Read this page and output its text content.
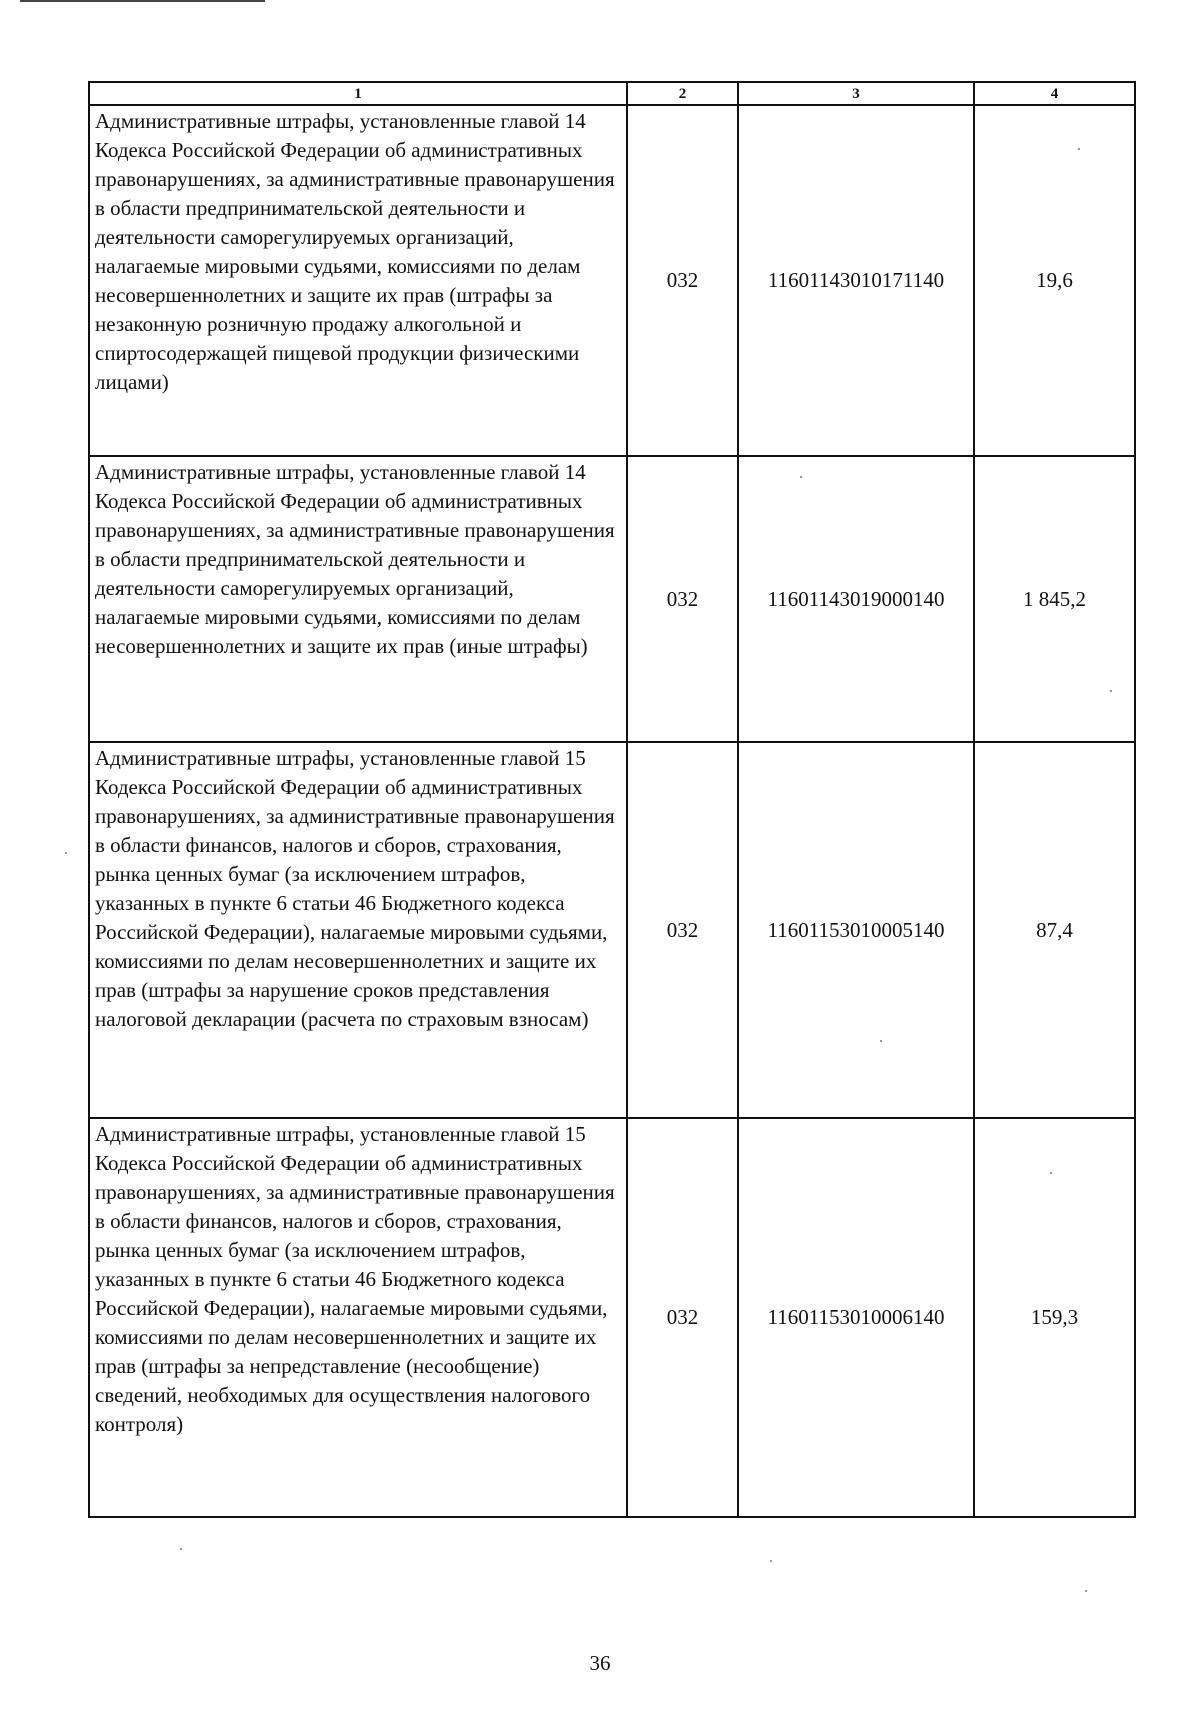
1	2	3	4
Административные штрафы, установленные главой 14 Кодекса Российской Федерации об административных правонарушениях, за административные правонарушения в области предпринимательской деятельности и деятельности саморегулируемых организаций, налагаемые мировыми судьями, комиссиями по делам несовершеннолетних и защите их прав (штрафы за незаконную розничную продажу алкогольной и спиртосодержащей пищевой продукции физическими лицами)	032	11601143010171140	19,6
Административные штрафы, установленные главой 14 Кодекса Российской Федерации об административных правонарушениях, за административные правонарушения в области предпринимательской деятельности и деятельности саморегулируемых организаций, налагаемые мировыми судьями, комиссиями по делам несовершеннолетних и защите их прав (иные штрафы)	032	11601143019000140	1 845,2
Административные штрафы, установленные главой 15 Кодекса Российской Федерации об административных правонарушениях, за административные правонарушения в области финансов, налогов и сборов, страхования, рынка ценных бумаг (за исключением штрафов, указанных в пункте 6 статьи 46 Бюджетного кодекса Российской Федерации), налагаемые мировыми судьями, комиссиями по делам несовершеннолетних и защите их прав (штрафы за нарушение сроков представления налоговой декларации (расчета по страховым взносам)	032	11601153010005140	87,4
Административные штрафы, установленные главой 15 Кодекса Российской Федерации об административных правонарушениях, за административные правонарушения в области финансов, налогов и сборов, страхования, рынка ценных бумаг (за исключением штрафов, указанных в пункте 6 статьи 46 Бюджетного кодекса Российской Федерации), налагаемые мировыми судьями, комиссиями по делам несовершеннолетних и защите их прав (штрафы за непредставление (несообщение) сведений, необходимых для осуществления налогового контроля)	032	11601153010006140	159,3
36
